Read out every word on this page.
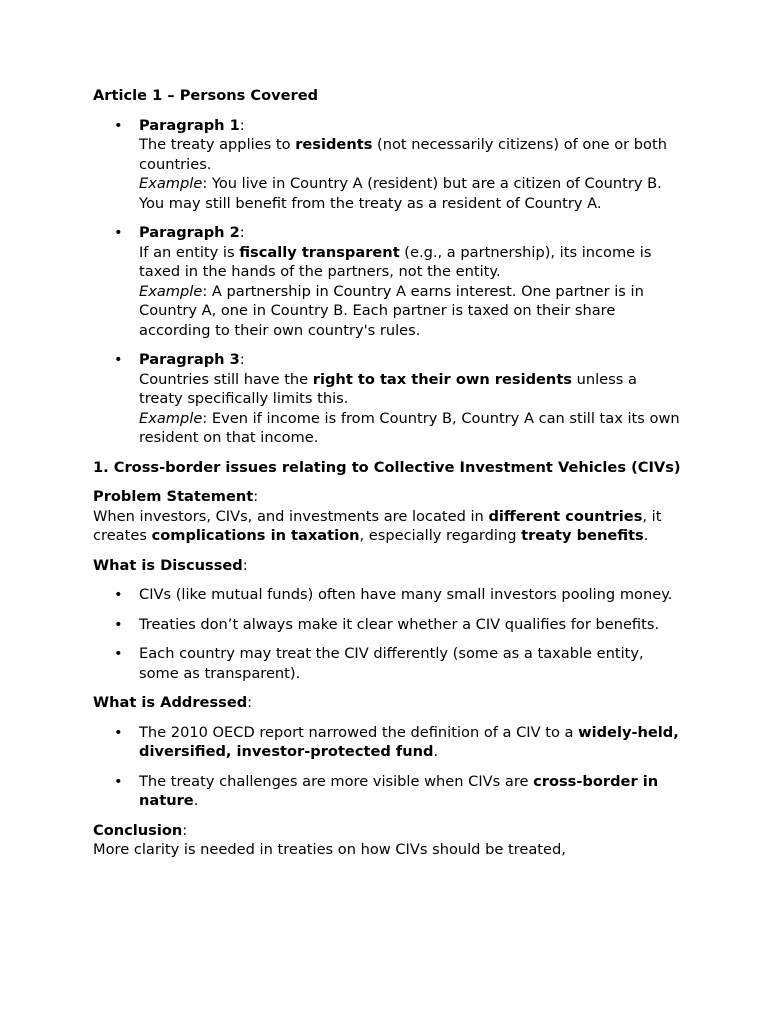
Article 1 – Persons Covered
• Paragraph 1:
The treaty applies to residents (not necessarily citizens) of one or both countries.
Example: You live in Country A (resident) but are a citizen of Country B. You may still benefit from the treaty as a resident of Country A.
• Paragraph 2:
If an entity is fiscally transparent (e.g., a partnership), its income is taxed in the hands of the partners, not the entity.
Example: A partnership in Country A earns interest. One partner is in Country A, one in Country B. Each partner is taxed on their share according to their own country's rules.
• Paragraph 3:
Countries still have the right to tax their own residents unless a treaty specifically limits this.
Example: Even if income is from Country B, Country A can still tax its own resident on that income.
1. Cross-border issues relating to Collective Investment Vehicles (CIVs)
Problem Statement:
When investors, CIVs, and investments are located in different countries, it creates complications in taxation, especially regarding treaty benefits.
What is Discussed:
• CIVs (like mutual funds) often have many small investors pooling money.
• Treaties don’t always make it clear whether a CIV qualifies for benefits.
• Each country may treat the CIV differently (some as a taxable entity, some as transparent).
What is Addressed:
• The 2010 OECD report narrowed the definition of a CIV to a widely-held, diversified, investor-protected fund.
• The treaty challenges are more visible when CIVs are cross-border in nature.
Conclusion:
More clarity is needed in treaties on how CIVs should be treated,
